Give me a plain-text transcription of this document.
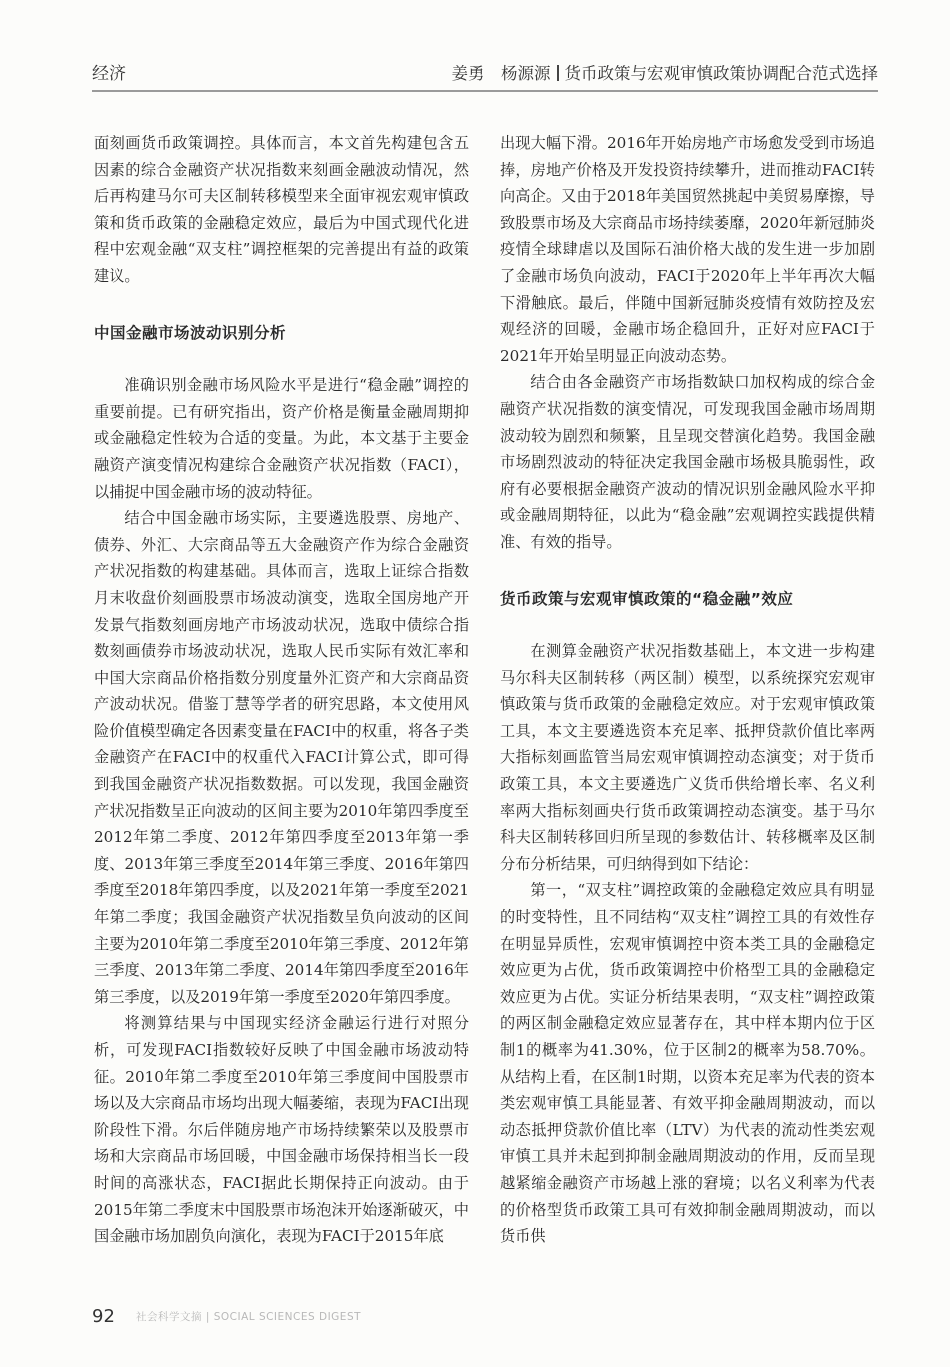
经济	姜勇　杨源源 货币政策与宏观审慎政策协调配合范式选择

面刻画货币政策调控。具体而言，本文首先构建包含五因素的综合金融资产状况指数来刻画金融波动情况，然后再构建马尔可夫区制转移模型来全面审视宏观审慎政策和货币政策的金融稳定效应，最后为中国式现代化进程中宏观金融“双支柱”调控框架的完善提出有益的政策建议。

中国金融市场波动识别分析

准确识别金融市场风险水平是进行“稳金融”调控的重要前提。已有研究指出，资产价格是衡量金融周期抑或金融稳定性较为合适的变量。为此，本文基于主要金融资产演变情况构建综合金融资产状况指数（FACI），以捕捉中国金融市场的波动特征。

结合中国金融市场实际，主要遴选股票、房地产、债券、外汇、大宗商品等五大金融资产作为综合金融资产状况指数的构建基础。具体而言，选取上证综合指数月末收盘价刻画股票市场波动演变，选取全国房地产开发景气指数刻画房地产市场波动状况，选取中债综合指数刻画债券市场波动状况，选取人民币实际有效汇率和中国大宗商品价格指数分别度量外汇资产和大宗商品资产波动状况。借鉴丁慧等学者的研究思路，本文使用风险价值模型确定各因素变量在FACI中的权重，将各子类金融资产在FACI中的权重代入FACI计算公式，即可得到我国金融资产状况指数数据。可以发现，我国金融资产状况指数呈正向波动的区间主要为2010年第四季度至2012年第二季度、2012年第四季度至2013年第一季度、2013年第三季度至2014年第三季度、2016年第四季度至2018年第四季度，以及2021年第一季度至2021年第二季度；我国金融资产状况指数呈负向波动的区间主要为2010年第二季度至2010年第三季度、2012年第三季度、2013年第二季度、2014年第四季度至2016年第三季度，以及2019年第一季度至2020年第四季度。

将测算结果与中国现实经济金融运行进行对照分析，可发现FACI指数较好反映了中国金融市场波动特征。2010年第二季度至2010年第三季度间中国股票市场以及大宗商品市场均出现大幅萎缩，表现为FACI出现阶段性下滑。尔后伴随房地产市场持续繁荣以及股票市场和大宗商品市场回暖，中国金融市场保持相当长一段时间的高涨状态，FACI据此长期保持正向波动。由于2015年第二季度末中国股票市场泡沫开始逐渐破灭，中国金融市场加剧负向演化，表现为FACI于2015年底

出现大幅下滑。2016年开始房地产市场愈发受到市场追捧，房地产价格及开发投资持续攀升，进而推动FACI转向高企。又由于2018年美国贸然挑起中美贸易摩擦，导致股票市场及大宗商品市场持续萎靡，2020年新冠肺炎疫情全球肆虐以及国际石油价格大战的发生进一步加剧了金融市场负向波动，FACI于2020年上半年再次大幅下滑触底。最后，伴随中国新冠肺炎疫情有效防控及宏观经济的回暖，金融市场企稳回升，正好对应FACI于2021年开始呈明显正向波动态势。

结合由各金融资产市场指数缺口加权构成的综合金融资产状况指数的演变情况，可发现我国金融市场周期波动较为剧烈和频繁，且呈现交替演化趋势。我国金融市场剧烈波动的特征决定我国金融市场极具脆弱性，政府有必要根据金融资产波动的情况识别金融风险水平抑或金融周期特征，以此为“稳金融”宏观调控实践提供精准、有效的指导。

货币政策与宏观审慎政策的“稳金融”效应

在测算金融资产状况指数基础上，本文进一步构建马尔科夫区制转移（两区制）模型，以系统探究宏观审慎政策与货币政策的金融稳定效应。对于宏观审慎政策工具，本文主要遴选资本充足率、抵押贷款价值比率两大指标刻画监管当局宏观审慎调控动态演变；对于货币政策工具，本文主要遴选广义货币供给增长率、名义利率两大指标刻画央行货币政策调控动态演变。基于马尔科夫区制转移回归所呈现的参数估计、转移概率及区制分布分析结果，可归纳得到如下结论：

第一，“双支柱”调控政策的金融稳定效应具有明显的时变特性，且不同结构“双支柱”调控工具的有效性存在明显异质性，宏观审慎调控中资本类工具的金融稳定效应更为占优，货币政策调控中价格型工具的金融稳定效应更为占优。实证分析结果表明，“双支柱”调控政策的两区制金融稳定效应显著存在，其中样本期内位于区制1的概率为41.30%，位于区制2的概率为58.70%。从结构上看，在区制1时期，以资本充足率为代表的资本类宏观审慎工具能显著、有效平抑金融周期波动，而以动态抵押贷款价值比率（LTV）为代表的流动性类宏观审慎工具并未起到抑制金融周期波动的作用，反而呈现越紧缩金融资产市场越上涨的窘境；以名义利率为代表的价格型货币政策工具可有效抑制金融周期波动，而以货币供

92 社会科学文摘 | SOCIAL SCIENCES DIGEST
